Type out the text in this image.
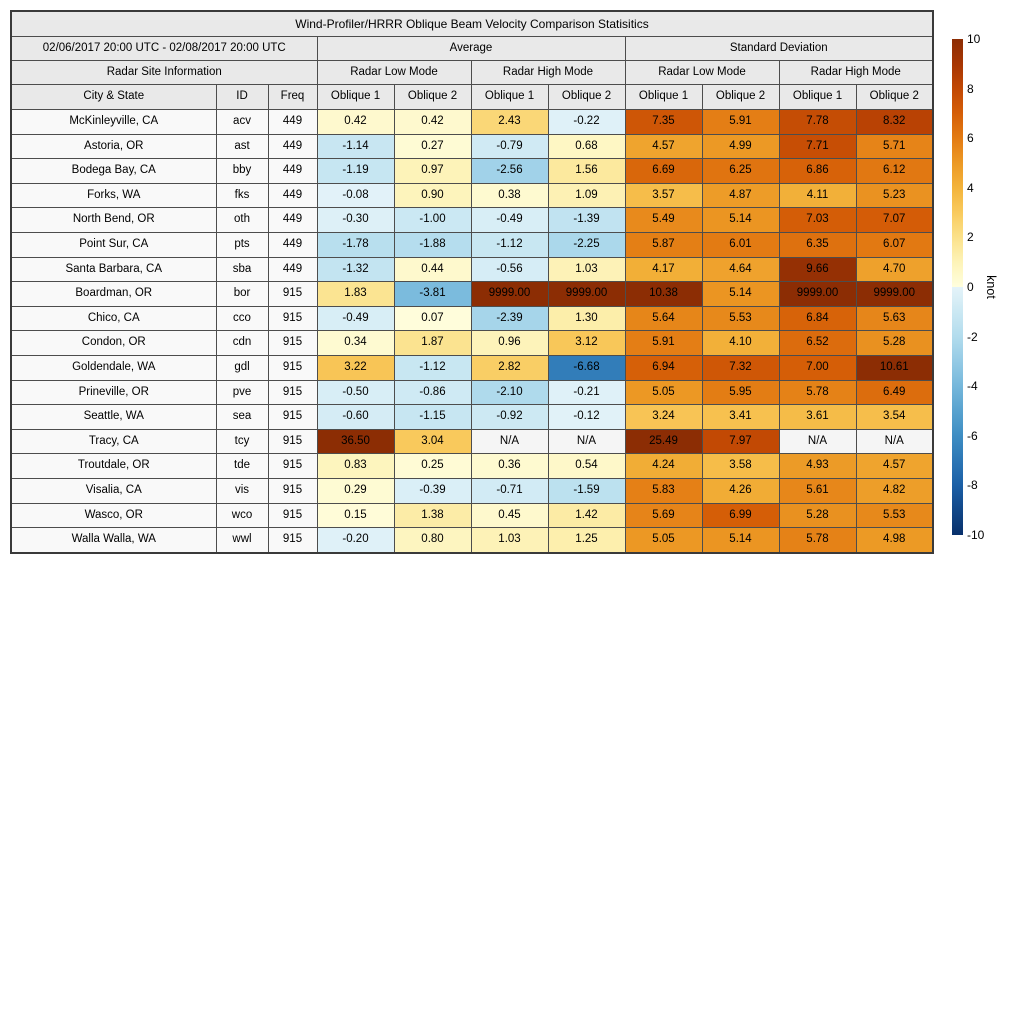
Wind-Profiler/HRRR Oblique Beam Velocity Comparison Statisitics										
02/06/2017 20:00 UTC - 02/08/2017 20:00 UTC			Average				Standard Deviation			
Radar Site Information			Radar Low Mode		Radar High Mode		Radar Low Mode		Radar High Mode	
City & State	ID	Freq	Oblique 1	Oblique 2	Oblique 1	Oblique 2	Oblique 1	Oblique 2	Oblique 1	Oblique 2
McKinleyville, CA	acv	449	0.42	0.42	2.43	-0.22	7.35	5.91	7.78	8.32
Astoria, OR	ast	449	-1.14	0.27	-0.79	0.68	4.57	4.99	7.71	5.71
Bodega Bay, CA	bby	449	-1.19	0.97	-2.56	1.56	6.69	6.25	6.86	6.12
Forks, WA	fks	449	-0.08	0.90	0.38	1.09	3.57	4.87	4.11	5.23
North Bend, OR	oth	449	-0.30	-1.00	-0.49	-1.39	5.49	5.14	7.03	7.07
Point Sur, CA	pts	449	-1.78	-1.88	-1.12	-2.25	5.87	6.01	6.35	6.07
Santa Barbara, CA	sba	449	-1.32	0.44	-0.56	1.03	4.17	4.64	9.66	4.70
Boardman, OR	bor	915	1.83	-3.81	9999.00	9999.00	10.38	5.14	9999.00	9999.00
Chico, CA	cco	915	-0.49	0.07	-2.39	1.30	5.64	5.53	6.84	5.63
Condon, OR	cdn	915	0.34	1.87	0.96	3.12	5.91	4.10	6.52	5.28
Goldendale, WA	gdl	915	3.22	-1.12	2.82	-6.68	6.94	7.32	7.00	10.61
Prineville, OR	pve	915	-0.50	-0.86	-2.10	-0.21	5.05	5.95	5.78	6.49
Seattle, WA	sea	915	-0.60	-1.15	-0.92	-0.12	3.24	3.41	3.61	3.54
Tracy, CA	tcy	915	36.50	3.04	N/A	N/A	25.49	7.97	N/A	N/A
Troutdale, OR	tde	915	0.83	0.25	0.36	0.54	4.24	3.58	4.93	4.57
Visalia, CA	vis	915	0.29	-0.39	-0.71	-1.59	5.83	4.26	5.61	4.82
Wasco, OR	wco	915	0.15	1.38	0.45	1.42	5.69	6.99	5.28	5.53
Walla Walla, WA	wwl	915	-0.20	0.80	1.03	1.25	5.05	5.14	5.78	4.98
10
8
6
4
2
0
-2
-4
-6
-8
-10
knot
